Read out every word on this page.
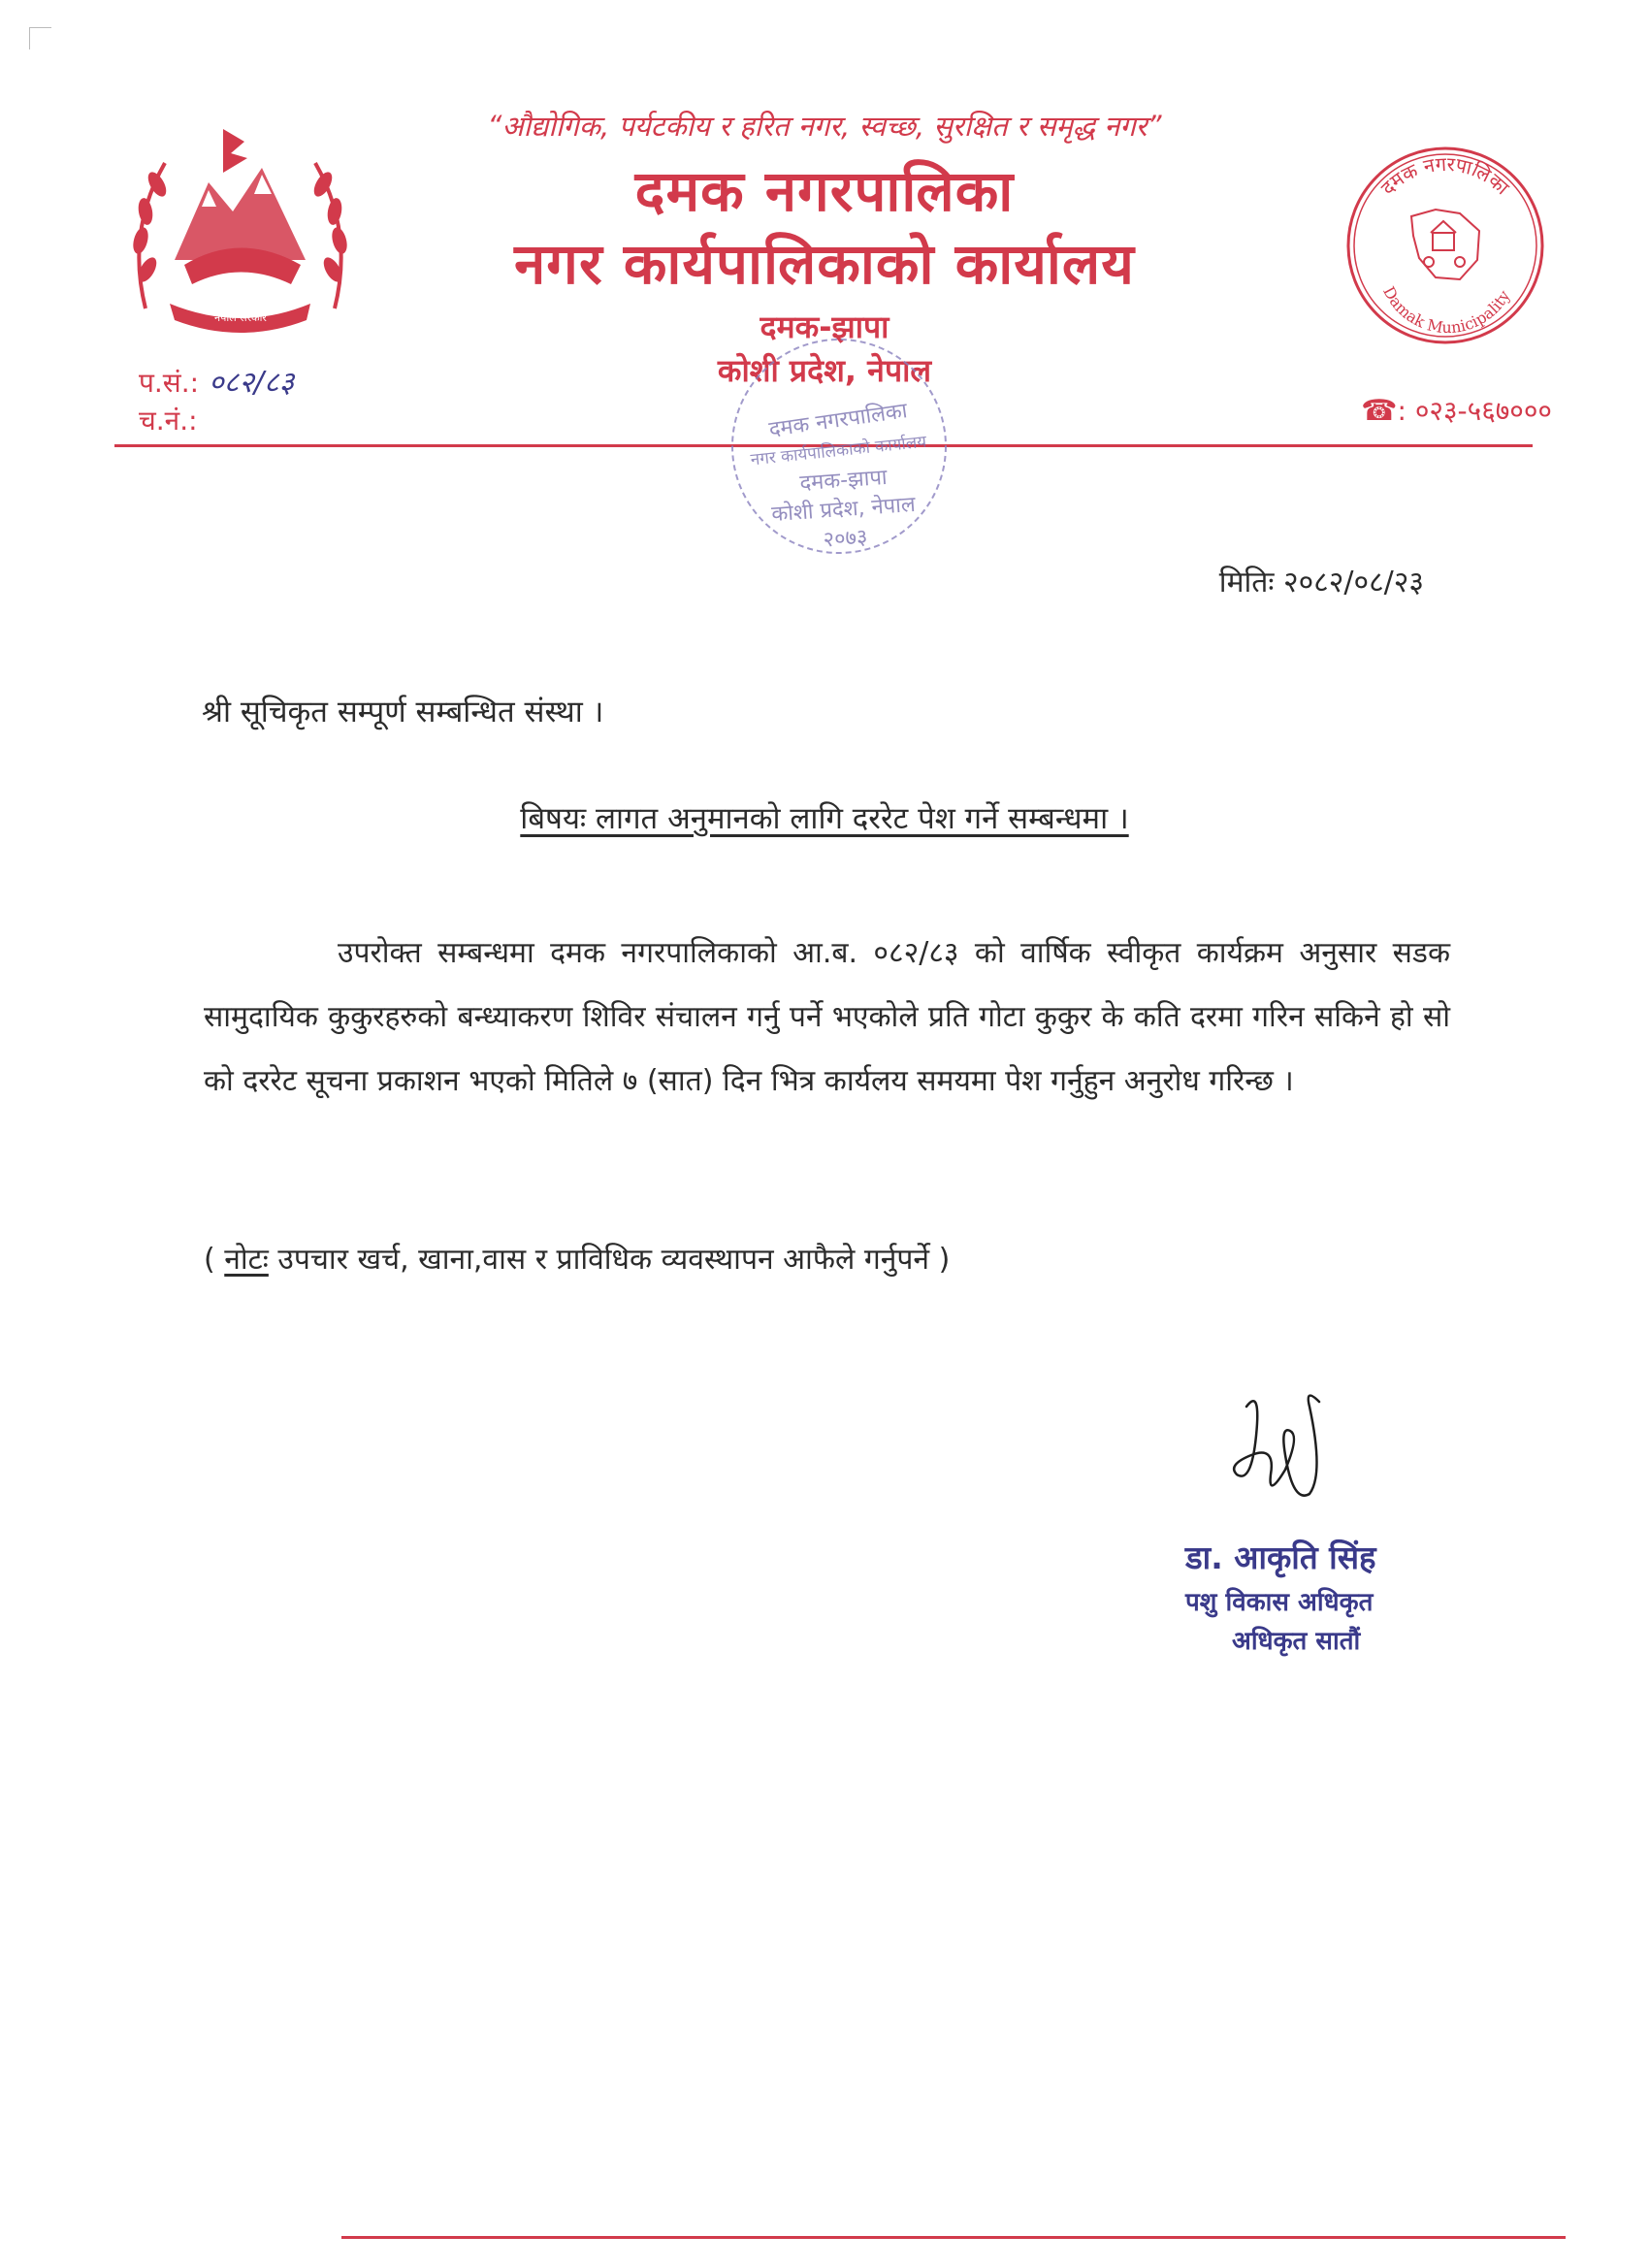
नेपाल सरकार
दमक नगरपालिका
Damak Municipality
“औद्योगिक, पर्यटकीय र हरित नगर, स्वच्छ, सुरक्षित र समृद्ध नगर”
दमक नगरपालिका
नगर कार्यपालिकाको कार्यालय
दमक-झापा
कोशी प्रदेश, नेपाल
प.सं.: ०८२/८३
च.नं.:	☎: ०२३-५६७०००
दमक नगरपालिका
नगर कार्यपालिकाको कार्यालय
दमक-झापा
कोशी प्रदेश, नेपाल
२०७३
मितिः २०८२/०८/२३
श्री सूचिकृत सम्पूर्ण सम्बन्धित संस्था ।
बिषयः लागत अनुमानको लागि दररेट पेश गर्ने सम्बन्धमा ।
उपरोक्त सम्बन्धमा दमक नगरपालिकाको आ.ब. ०८२/८३ को वार्षिक स्वीकृत कार्यक्रम अनुसार सडक सामुदायिक कुकुरहरुको बन्ध्याकरण शिविर संचालन गर्नु पर्ने भएकोले प्रति गोटा कुकुर के कति दरमा गरिन सकिने हो सो को दररेट सूचना प्रकाशन भएको मितिले ७ (सात) दिन भित्र कार्यलय समयमा पेश गर्नुहुन अनुरोध गरिन्छ ।
( नोटः उपचार खर्च, खाना,वास र प्राविधिक व्यवस्थापन आफैले गर्नुपर्ने )
डा. आकृति सिंह
पशु विकास अधिकृत
अधिकृत सातौं
